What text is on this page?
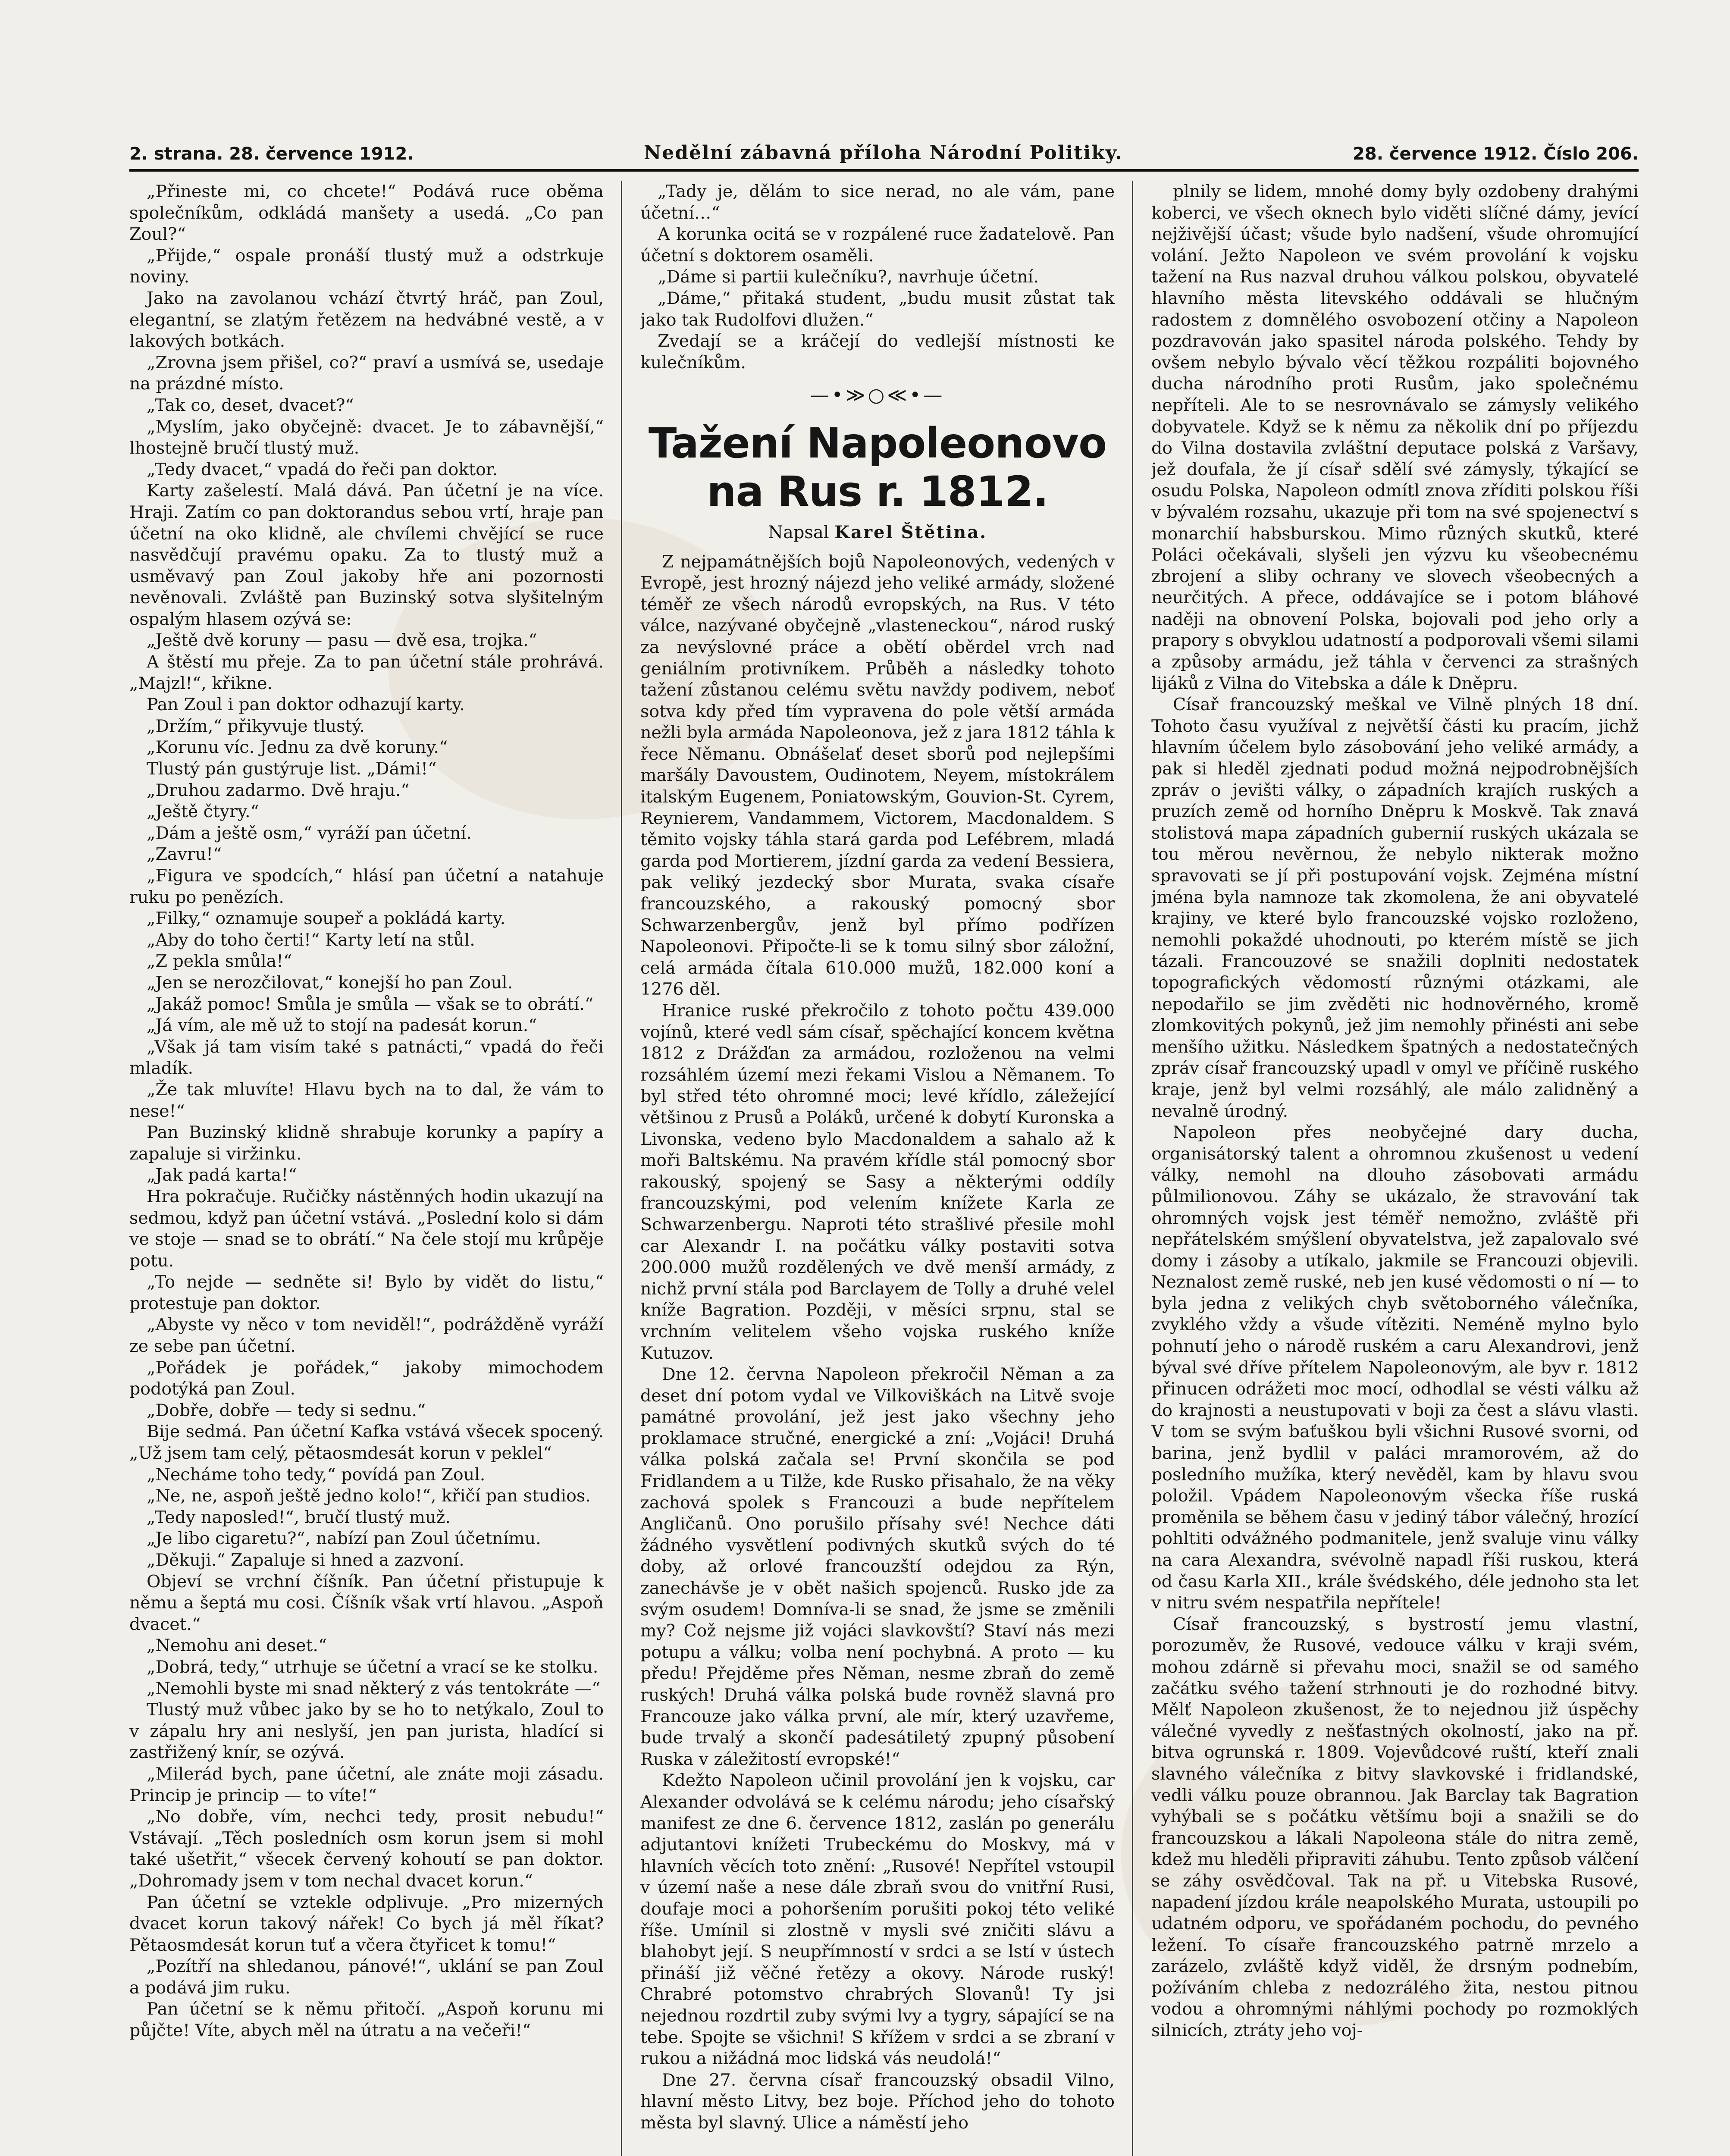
2. strana. 28. července 1912.	Nedělní zábavná příloha Národní Politiky.	28. července 1912. Číslo 206.

„Přineste mi, co chcete!“ Podává ruce oběma společníkům, odkládá manšety a usedá. „Co pan Zoul?“

„Přijde,“ ospale pronáší tlustý muž a odstrkuje noviny.

Jako na zavolanou vchází čtvrtý hráč, pan Zoul, elegantní, se zlatým řetězem na hedvábné vestě, a v lakových botkách.

„Zrovna jsem přišel, co?“ praví a usmívá se, usedaje na prázdné místo.

„Tak co, deset, dvacet?“

„Myslím, jako obyčejně: dvacet. Je to zábavnější,“ lhostejně bručí tlustý muž.

„Tedy dvacet,“ vpadá do řeči pan doktor.

Karty zašelestí. Malá dává. Pan účetní je na více. Hraji. Zatím co pan doktorandus sebou vrtí, hraje pan účetní na oko klidně, ale chvílemi chvějící se ruce nasvědčují pravému opaku. Za to tlustý muž a usměvavý pan Zoul jakoby hře ani pozornosti nevěnovali. Zvláště pan Buzinský sotva slyšitelným ospalým hlasem ozývá se:

„Ještě dvě koruny — pasu — dvě esa, trojka.“

A štěstí mu přeje. Za to pan účetní stále prohrává. „Majzl!“, křikne.

Pan Zoul i pan doktor odhazují karty.

„Držím,“ přikyvuje tlustý.

„Korunu víc. Jednu za dvě koruny.“

Tlustý pán gustýruje list. „Dámi!“

„Druhou zadarmo. Dvě hraju.“

„Ještě čtyry.“

„Dám a ještě osm,“ vyráží pan účetní.

„Zavru!“

„Figura ve spodcích,“ hlásí pan účetní a natahuje ruku po penězích.

„Filky,“ oznamuje soupeř a pokládá karty.

„Aby do toho čerti!“ Karty letí na stůl.

„Z pekla smůla!“

„Jen se nerozčilovat,“ konejší ho pan Zoul.

„Jakáž pomoc! Smůla je smůla — však se to obrátí.“

„Já vím, ale mě už to stojí na padesát korun.“

„Však já tam visím také s patnácti,“ vpadá do řeči mladík.

„Že tak mluvíte! Hlavu bych na to dal, že vám to nese!“

Pan Buzinský klidně shrabuje korunky a papíry a zapaluje si viržinku.

„Jak padá karta!“

Hra pokračuje. Ručičky nástěnných hodin ukazují na sedmou, když pan účetní vstává. „Poslední kolo si dám ve stoje — snad se to obrátí.“ Na čele stojí mu krůpěje potu.

„To nejde — sedněte si! Bylo by vidět do listu,“ protestuje pan doktor.

„Abyste vy něco v tom neviděl!“, podrážděně vyráží ze sebe pan účetní.

„Pořádek je pořádek,“ jakoby mimochodem podotýká pan Zoul.

„Dobře, dobře — tedy si sednu.“

Bije sedmá. Pan účetní Kafka vstává všecek spocený. „Už jsem tam celý, pětaosmdesát korun v peklel“

„Necháme toho tedy,“ povídá pan Zoul.

„Ne, ne, aspoň ještě jedno kolo!“, křičí pan studios.

„Tedy naposled!“, bručí tlustý muž.

„Je libo cigaretu?“, nabízí pan Zoul účetnímu.

„Děkuji.“ Zapaluje si hned a zazvoní.

Objeví se vrchní číšník. Pan účetní přistupuje k němu a šeptá mu cosi. Číšník však vrtí hlavou. „Aspoň dvacet.“

„Nemohu ani deset.“

„Dobrá, tedy,“ utrhuje se účetní a vrací se ke stolku.

„Nemohli byste mi snad některý z vás tentokráte —“

Tlustý muž vůbec jako by se ho to netýkalo, Zoul to v zápalu hry ani neslyší, jen pan jurista, hladící si zastřižený knír, se ozývá.

„Milerád bych, pane účetní, ale znáte moji zásadu. Princip je princip — to víte!“

„No dobře, vím, nechci tedy, prosit nebudu!“ Vstávají. „Těch posledních osm korun jsem si mohl také ušetřit,“ všecek červený kohoutí se pan doktor. „Dohromady jsem v tom nechal dvacet korun.“

Pan účetní se vztekle odplivuje. „Pro mizerných dvacet korun takový nářek! Co bych já měl říkat? Pětaosmdesát korun tuť a včera čtyřicet k tomu!“

„Pozítří na shledanou, pánové!“, uklání se pan Zoul a podává jim ruku.

Pan účetní se k němu přitočí. „Aspoň korunu mi půjčte! Víte, abych měl na útratu a na večeři!“

„Tady je, dělám to sice nerad, no ale vám, pane účetní…“

A korunka ocitá se v rozpálené ruce žadatelově. Pan účetní s doktorem osaměli.

„Dáme si partii kulečníku?, navrhuje účetní.

„Dáme,“ přitaká student, „budu musit zůstat tak jako tak Rudolfovi dlužen.“

Zvedají se a kráčejí do vedlejší místnosti ke kulečníkům.

—•≫○≪•—
Tažení Napoleonovo na Rus r. 1812.
Napsal Karel Štětina.

Z nejpamátnějších bojů Napoleonových, vedených v Evropě, jest hrozný nájezd jeho veliké armády, složené téměř ze všech národů evropských, na Rus. V této válce, nazývané obyčejně „vlasteneckou“, národ ruský za nevýslovné práce a obětí oběrdel vrch nad geniálním protivníkem. Průběh a následky tohoto tažení zůstanou celému světu navždy podivem, neboť sotva kdy před tím vypravena do pole větší armáda nežli byla armáda Napoleonova, jež z jara 1812 táhla k řece Němanu. Obnášelať deset sborů pod nejlepšími maršály Davoustem, Oudinotem, Neyem, místokrálem italským Eugenem, Poniatowským, Gouvion-St. Cyrem, Reynierem, Vandammem, Victorem, Macdonaldem. S těmito vojsky táhla stará garda pod Lefébrem, mladá garda pod Mortierem, jízdní garda za vedení Bessiera, pak veliký jezdecký sbor Murata, svaka císaře francouzského, a rakouský pomocný sbor Schwarzenbergův, jenž byl přímo podřízen Napoleonovi. Připočte-li se k tomu silný sbor záložní, celá armáda čítala 610.000 mužů, 182.000 koní a 1276 děl.

Hranice ruské překročilo z tohoto počtu 439.000 vojínů, které vedl sám císař, spěchající koncem května 1812 z Drážďan za armádou, rozloženou na velmi rozsáhlém území mezi řekami Vislou a Němanem. To byl střed této ohromné moci; levé křídlo, záležející většinou z Prusů a Poláků, určené k dobytí Kuronska a Livonska, vedeno bylo Macdonaldem a sahalo až k moři Baltskému. Na pravém křídle stál pomocný sbor rakouský, spojený se Sasy a některými oddíly francouzskými, pod velením knížete Karla ze Schwarzenbergu. Naproti této strašlivé přesile mohl car Alexandr I. na počátku války postaviti sotva 200.000 mužů rozdělených ve dvě menší armády, z nichž první stála pod Barclayem de Tolly a druhé velel kníže Bagration. Později, v měsíci srpnu, stal se vrchním velitelem všeho vojska ruského kníže Kutuzov.

Dne 12. června Napoleon překročil Něman a za deset dní potom vydal ve Vilkoviškách na Litvě svoje památné provolání, jež jest jako všechny jeho proklamace stručné, energické a zní: „Vojáci! Druhá válka polská začala se! První skončila se pod Fridlandem a u Tilže, kde Rusko přisahalo, že na věky zachová spolek s Francouzi a bude nepřítelem Angličanů. Ono porušilo přísahy své! Nechce dáti žádného vysvětlení podivných skutků svých do té doby, až orlové francouzští odejdou za Rýn, zanechávše je v obět našich spojenců. Rusko jde za svým osudem! Domníva-li se snad, že jsme se změnili my? Což nejsme již vojáci slavkovští? Staví nás mezi potupu a válku; volba není pochybná. A proto — ku předu! Přejděme přes Něman, nesme zbraň do země ruských! Druhá válka polská bude rovněž slavná pro Francouze jako válka první, ale mír, který uzavřeme, bude trvalý a skončí padesátiletý zpupný působení Ruska v záležitostí evropské!“

Kdežto Napoleon učinil provolání jen k vojsku, car Alexander odvolává se k celému národu; jeho císařský manifest ze dne 6. července 1812, zaslán po generálu adjutantovi knížeti Trubeckému do Moskvy, má v hlavních věcích toto znění: „Rusové! Nepřítel vstoupil v území naše a nese dále zbraň svou do vnitřní Rusi, doufaje moci a pohoršením porušiti pokoj této veliké říše. Umínil si zlostně v mysli své zničiti slávu a blahobyt její. S neupřímností v srdci a se lstí v ústech přináší již věčné řetězy a okovy. Národe ruský! Chrabré potomstvo chrabrých Slovanů! Ty jsi nejednou rozdrtil zuby svými lvy a tygry, sápající se na tebe. Spojte se všichni! S křížem v srdci a se zbraní v rukou a nižádná moc lidská vás neudolá!“

Dne 27. června císař francouzský obsadil Vilno, hlavní město Litvy, bez boje. Příchod jeho do tohoto města byl slavný. Ulice a náměstí jeho

plnily se lidem, mnohé domy byly ozdobeny drahými koberci, ve všech oknech bylo viděti slíčné dámy, jevící nejživější účast; všude bylo nadšení, všude ohromující volání. Ježto Napoleon ve svém provolání k vojsku tažení na Rus nazval druhou válkou polskou, obyvatelé hlavního města litevského oddávali se hlučným radostem z domnělého osvobození otčiny a Napoleon pozdravován jako spasitel národa polského. Tehdy by ovšem nebylo bývalo věcí těžkou rozpáliti bojovného ducha národního proti Rusům, jako společnému nepříteli. Ale to se nesrovnávalo se zámysly velikého dobyvatele. Když se k němu za několik dní po příjezdu do Vilna dostavila zvláštní deputace polská z Varšavy, jež doufala, že jí císař sdělí své zámysly, týkající se osudu Polska, Napoleon odmítl znova zříditi polskou říši v bývalém rozsahu, ukazuje při tom na své spojenectví s monarchií habsburskou. Mimo různých skutků, které Poláci očekávali, slyšeli jen výzvu ku všeobecnému zbrojení a sliby ochrany ve slovech všeobecných a neurčitých. A přece, oddávajíce se i potom bláhové naději na obnovení Polska, bojovali pod jeho orly a prapory s obvyklou udatností a podporovali všemi silami a způsoby armádu, jež táhla v červenci za strašných lijáků z Vilna do Vitebska a dále k Dněpru.

Císař francouzský meškal ve Vilně plných 18 dní. Tohoto času využíval z největší části ku pracím, jichž hlavním účelem bylo zásobování jeho veliké armády, a pak si hleděl zjednati podud možná nejpodrobnějších zpráv o jevišti války, o západních krajích ruských a pruzích země od horního Dněpru k Moskvě. Tak znavá stolistová mapa západních gubernií ruských ukázala se tou měrou nevěrnou, že nebylo nikterak možno spravovati se jí při postupování vojsk. Zejména místní jména byla namnoze tak zkomolena, že ani obyvatelé krajiny, ve které bylo francouzské vojsko rozloženo, nemohli pokaždé uhodnouti, po kterém místě se jich tázali. Francouzové se snažili doplniti nedostatek topografických vědomostí různými otázkami, ale nepodařilo se jim zvěděti nic hodnověrného, kromě zlomkovitých pokynů, jež jim nemohly přinésti ani sebe menšího užitku. Následkem špatných a nedostatečných zpráv císař francouzský upadl v omyl ve příčině ruského kraje, jenž byl velmi rozsáhlý, ale málo zalidněný a nevalně úrodný.

Napoleon přes neobyčejné dary ducha, organisátorský talent a ohromnou zkušenost u vedení války, nemohl na dlouho zásobovati armádu půlmilionovou. Záhy se ukázalo, že stravování tak ohromných vojsk jest téměř nemožno, zvláště při nepřátelském smýšlení obyvatelstva, jež zapalovalo své domy i zásoby a utíkalo, jakmile se Francouzi objevili. Neznalost země ruské, neb jen kusé vědomosti o ní — to byla jedna z velikých chyb světoborného válečníka, zvyklého vždy a všude vítěziti. Neméně mylno bylo pohnutí jeho o národě ruském a caru Alexandrovi, jenž býval své dříve přítelem Napoleonovým, ale byv r. 1812 přinucen odrážeti moc mocí, odhodlal se vésti válku až do krajnosti a neustupovati v boji za čest a slávu vlasti. V tom se svým baťuškou byli všichni Rusové svorni, od barina, jenž bydlil v paláci mramorovém, až do posledního mužíka, který nevěděl, kam by hlavu svou položil. Vpádem Napoleonovým všecka říše ruská proměnila se během času v jediný tábor válečný, hrozící pohltiti odvážného podmanitele, jenž svaluje vinu války na cara Alexandra, svévolně napadl říši ruskou, která od času Karla XII., krále švédského, déle jednoho sta let v nitru svém nespatřila nepřítele!

Císař francouzský, s bystrostí jemu vlastní, porozuměv, že Rusové, vedouce válku v kraji svém, mohou zdárně si převahu moci, snažil se od samého začátku svého tažení strhnouti je do rozhodné bitvy. Mělť Napoleon zkušenost, že to nejednou již úspěchy válečné vyvedly z nešťastných okolností, jako na př. bitva ogrunská r. 1809. Vojevůdcové ruští, kteří znali slavného válečníka z bitvy slavkovské i fridlandské, vedli válku pouze obrannou. Jak Barclay tak Bagration vyhýbali se s počátku většímu boji a snažili se do francouzskou a lákali Napoleona stále do nitra země, kdež mu hleděli připraviti záhubu. Tento způsob válčení se záhy osvědčoval. Tak na př. u Vitebska Rusové, napadení jízdou krále neapolského Murata, ustoupili po udatném odporu, ve spořádaném pochodu, do pevného ležení. To císaře francouzského patrně mrzelo a zarázelo, zvláště když viděl, že drsným podnebím, požíváním chleba z nedozrálého žita, nestou pitnou vodou a ohromnými náhlými pochody po rozmoklých silnicích, ztráty jeho voj-
